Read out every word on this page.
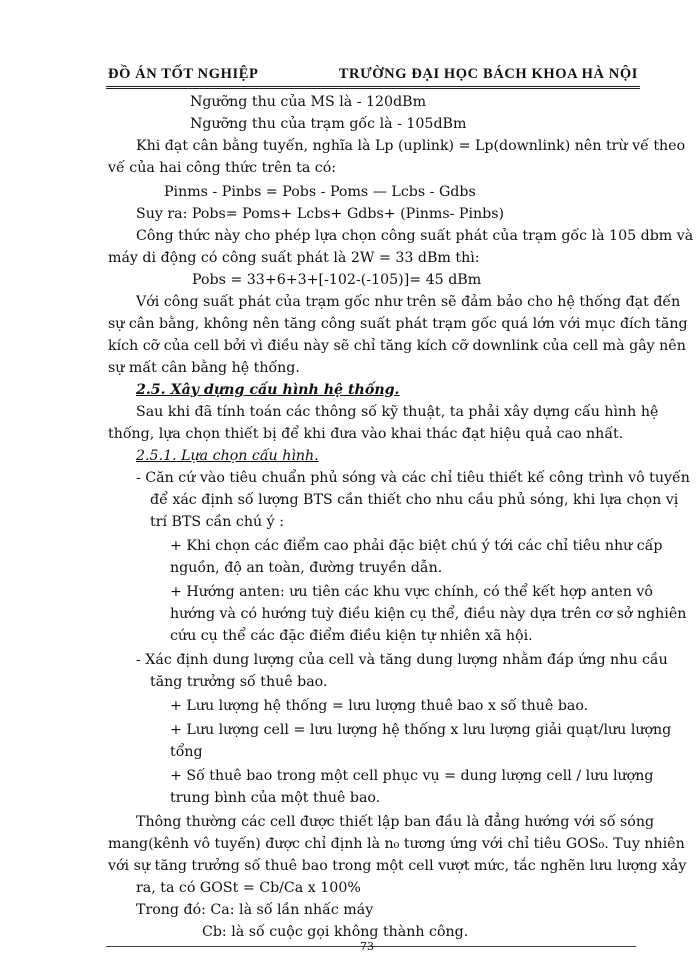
ĐỒ ÁN TỐT NGHIỆP	TRƯỜNG ĐẠI HỌC BÁCH KHOA HÀ NỘI
Ngưỡng thu của MS là - 120dBm
Ngưỡng thu của trạm gốc là - 105dBm
Khi đạt cân bằng tuyến, nghĩa là Lp (uplink) = Lp(downlink) nên trừ vế theo
vế của hai công thức trên ta có:
Pinms - Pinbs = Pobs - Poms — Lcbs - Gdbs
Suy ra: Pobs= Poms+ Lcbs+ Gdbs+ (Pinms- Pinbs)
Công thức này cho phép lựa chọn công suất phát của trạm gốc là 105 dbm và
máy di động có công suất phát là 2W = 33 dBm thì:
Pobs = 33+6+3+[-102-(-105)]= 45 dBm
Với công suất phát của trạm gốc như trên sẽ đảm bảo cho hệ thống đạt đến
sự cân bằng, không nên tăng công suất phát trạm gốc quá lớn với mục đích tăng
kích cỡ của cell bởi vì điều này sẽ chỉ tăng kích cỡ downlink của cell mà gây nên
sự mất cân bằng hệ thống.
2.5. Xây dựng cấu hình hệ thống.
Sau khi đã tính toán các thông số kỹ thuật, ta phải xây dựng cấu hình hệ
thống, lựa chọn thiết bị để khi đưa vào khai thác đạt hiệu quả cao nhất.
2.5.1. Lựa chọn cấu hình.
- Căn cứ vào tiêu chuẩn phủ sóng và các chỉ tiêu thiết kế công trình vô tuyến
để xác định số lượng BTS cần thiết cho nhu cầu phủ sóng, khi lựa chọn vị
trí BTS cần chú ý :
+ Khi chọn các điểm cao phải đặc biệt chú ý tới các chỉ tiêu như cấp
nguồn, độ an toàn, đường truyền dẫn.
+ Hướng anten: ưu tiên các khu vực chính, có thể kết hợp anten vô
hướng và có hướng tuỳ điều kiện cụ thể, điều này dựa trên cơ sở nghiên
cứu cụ thể các đặc điểm điều kiện tự nhiên xã hội.
- Xác định dung lượng của cell và tăng dung lượng nhằm đáp ứng nhu cầu
tăng trưởng số thuê bao.
+ Lưu lượng hệ thống = lưu lượng thuê bao x số thuê bao.
+ Lưu lượng cell = lưu lượng hệ thống x lưu lượng giải quạt/lưu lượng
tổng
+ Số thuê bao trong một cell phục vụ = dung lượng cell / lưu lượng
trung bình của một thuê bao.
Thông thường các cell được thiết lập ban đầu là đẳng hướng với số sóng
mang(kênh vô tuyến) được chỉ định là n₀ tương ứng với chỉ tiêu GOS₀. Tuy nhiên
với sự tăng trưởng số thuê bao trong một cell vượt mức, tắc nghẽn lưu lượng xảy
73
ra, ta có GOSt = Cb/Ca x 100%
Trong đó: Ca: là số lần nhấc máy
Cb: là số cuộc gọi không thành công.
